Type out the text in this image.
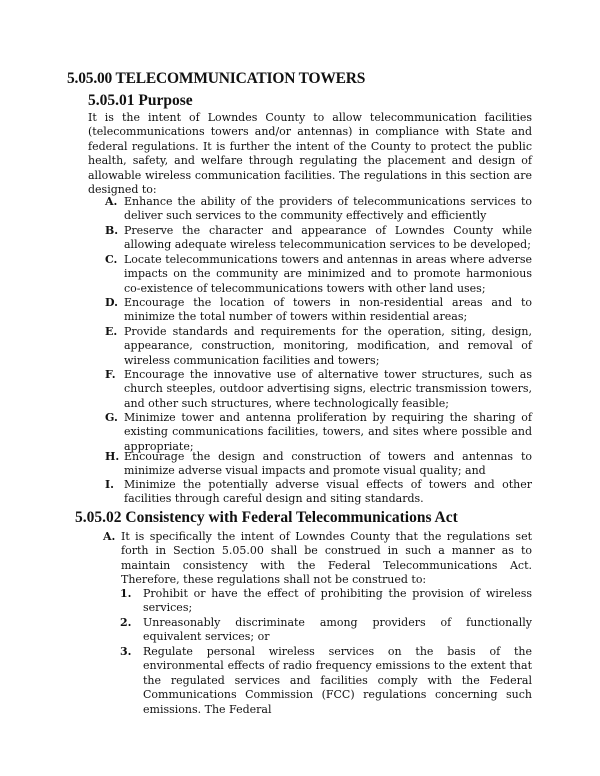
5.05.00 TELECOMMUNICATION TOWERS
5.05.01 Purpose
It is the intent of Lowndes County to allow telecommunication facilities (telecommunications towers and/or antennas) in compliance with State and federal regulations. It is further the intent of the County to protect the public health, safety, and welfare through regulating the placement and design of allowable wireless communication facilities. The regulations in this section are designed to:
A. Enhance the ability of the providers of telecommunications services to deliver such services to the community effectively and efficiently
B. Preserve the character and appearance of Lowndes County while allowing adequate wireless telecommunication services to be developed;
C. Locate telecommunications towers and antennas in areas where adverse impacts on the community are minimized and to promote harmonious co-existence of telecommunications towers with other land uses;
D. Encourage the location of towers in non-residential areas and to minimize the total number of towers within residential areas;
E. Provide standards and requirements for the operation, siting, design, appearance, construction, monitoring, modification, and removal of wireless communication facilities and towers;
F. Encourage the innovative use of alternative tower structures, such as church steeples, outdoor advertising signs, electric transmission towers, and other such structures, where technologically feasible;
G. Minimize tower and antenna proliferation by requiring the sharing of existing communications facilities, towers, and sites where possible and appropriate;
H. Encourage the design and construction of towers and antennas to minimize adverse visual impacts and promote visual quality; and
I. Minimize the potentially adverse visual effects of towers and other facilities through careful design and siting standards.
5.05.02 Consistency with Federal Telecommunications Act
A. It is specifically the intent of Lowndes County that the regulations set forth in Section 5.05.00 shall be construed in such a manner as to maintain consistency with the Federal Telecommunications Act. Therefore, these regulations shall not be construed to:
1. Prohibit or have the effect of prohibiting the provision of wireless services;
2. Unreasonably discriminate among providers of functionally equivalent services; or
3. Regulate personal wireless services on the basis of the environmental effects of radio frequency emissions to the extent that the regulated services and facilities comply with the Federal Communications Commission (FCC) regulations concerning such emissions. The Federal
